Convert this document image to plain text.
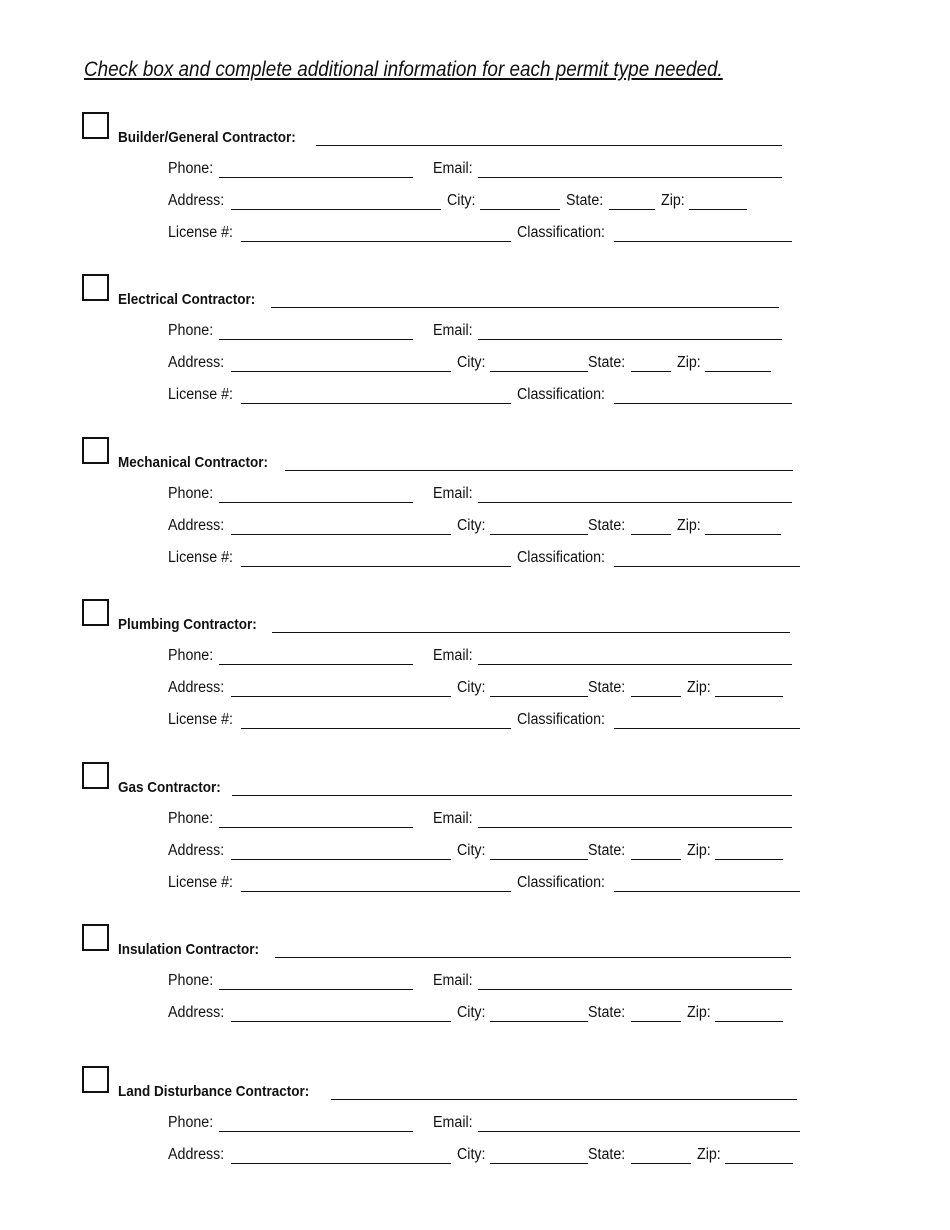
Check box and complete additional information for each permit type needed.
Builder/General Contractor:
Phone:	Email:
Address:	City:	State:	Zip:
License #:	Classification:
Electrical Contractor:
Phone:	Email:
Address:	City:	State:	Zip:
License #:	Classification:
Mechanical Contractor:
Phone:	Email:
Address:	City:	State:	Zip:
License #:	Classification:
Plumbing Contractor:
Phone:	Email:
Address:	City:	State:	Zip:
License #:	Classification:
Gas Contractor:
Phone:	Email:
Address:	City:	State:	Zip:
License #:	Classification:
Insulation Contractor:
Phone:	Email:
Address:	City:	State:	Zip:
Land Disturbance Contractor:
Phone:	Email:
Address:	City:	State:	Zip:
